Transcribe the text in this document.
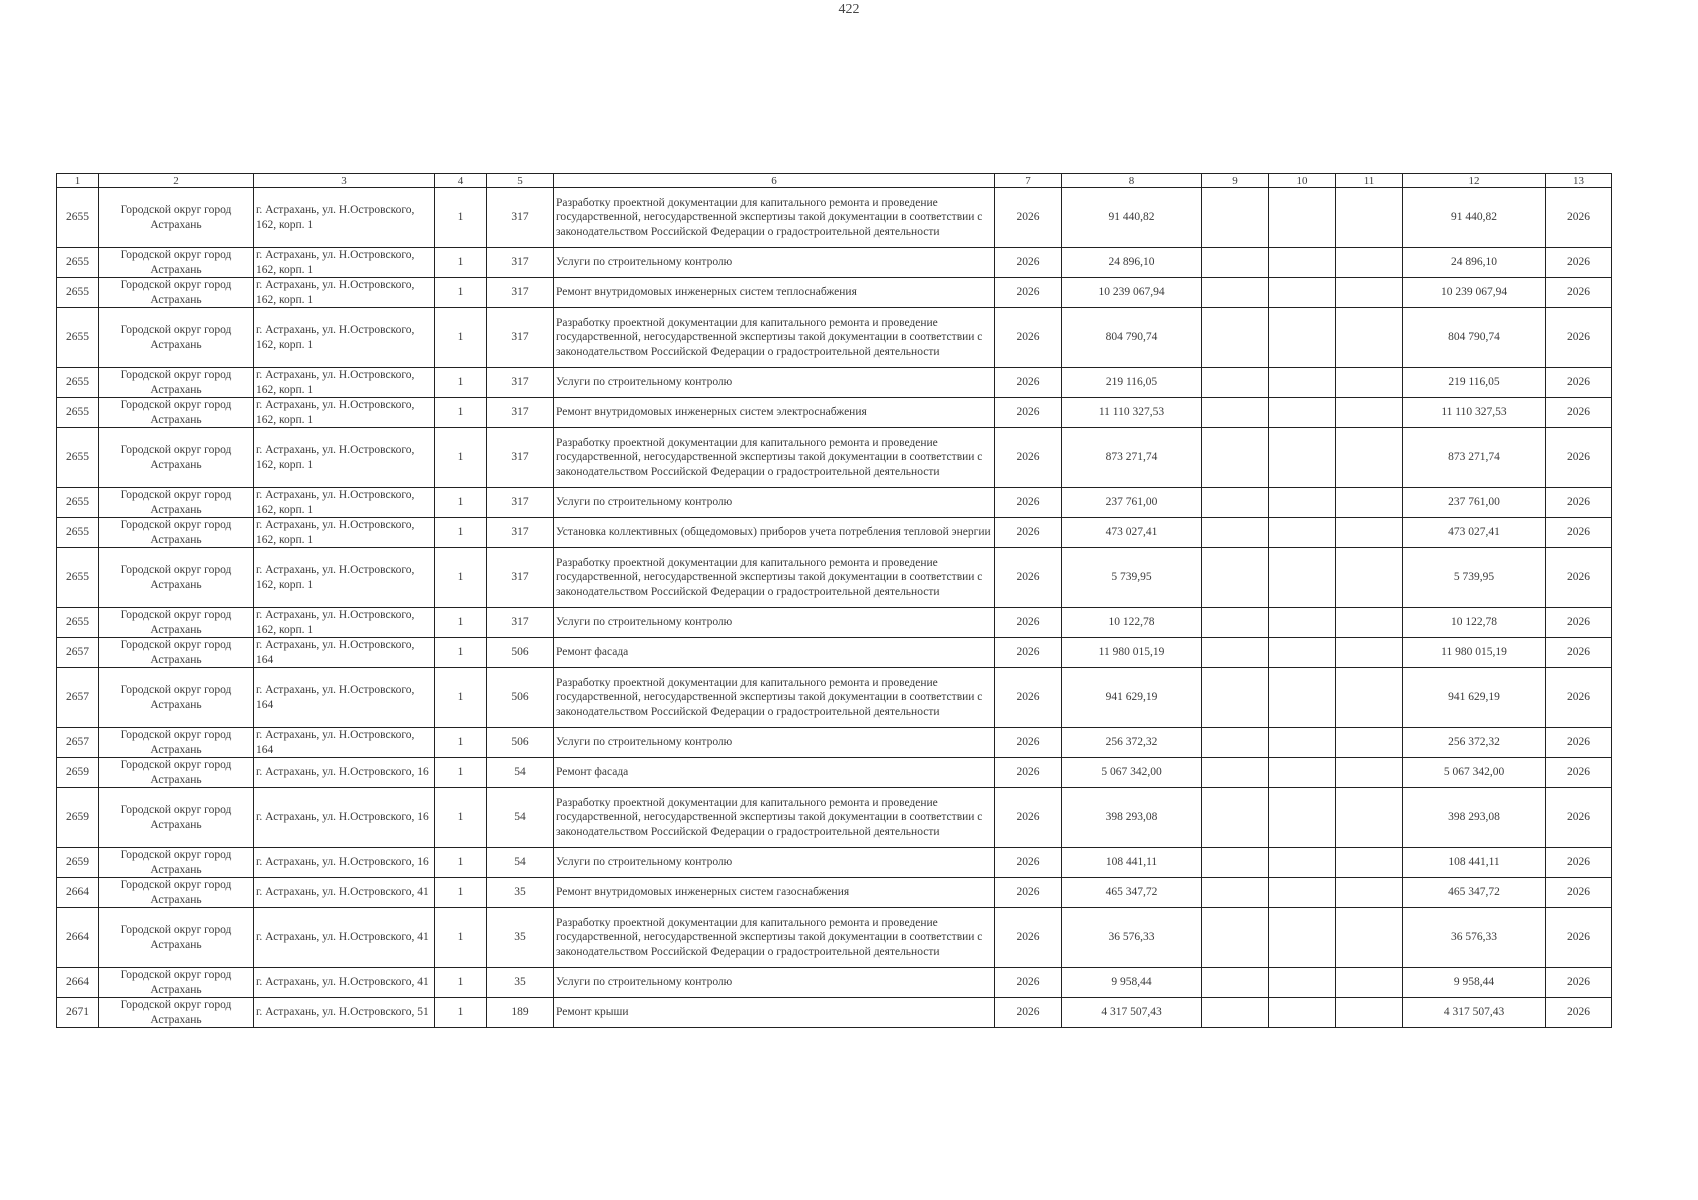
422
1	2	3	4	5	6	7	8	9	10	11	12	13
2655	Городской округ город Астрахань	г. Астрахань, ул. Н.Островского, 162, корп. 1	1	317	Разработку проектной документации для капитального ремонта и проведение государственной, негосударственной экспертизы такой документации в соответствии с законодательством Российской Федерации о градостроительной деятельности	2026	91 440,82				91 440,82	2026
2655	Городской округ город Астрахань	г. Астрахань, ул. Н.Островского, 162, корп. 1	1	317	Услуги по строительному контролю	2026	24 896,10				24 896,10	2026
2655	Городской округ город Астрахань	г. Астрахань, ул. Н.Островского, 162, корп. 1	1	317	Ремонт внутридомовых инженерных систем теплоснабжения	2026	10 239 067,94				10 239 067,94	2026
2655	Городской округ город Астрахань	г. Астрахань, ул. Н.Островского, 162, корп. 1	1	317	Разработку проектной документации для капитального ремонта и проведение государственной, негосударственной экспертизы такой документации в соответствии с законодательством Российской Федерации о градостроительной деятельности	2026	804 790,74				804 790,74	2026
2655	Городской округ город Астрахань	г. Астрахань, ул. Н.Островского, 162, корп. 1	1	317	Услуги по строительному контролю	2026	219 116,05				219 116,05	2026
2655	Городской округ город Астрахань	г. Астрахань, ул. Н.Островского, 162, корп. 1	1	317	Ремонт внутридомовых инженерных систем электроснабжения	2026	11 110 327,53				11 110 327,53	2026
2655	Городской округ город Астрахань	г. Астрахань, ул. Н.Островского, 162, корп. 1	1	317	Разработку проектной документации для капитального ремонта и проведение государственной, негосударственной экспертизы такой документации в соответствии с законодательством Российской Федерации о градостроительной деятельности	2026	873 271,74				873 271,74	2026
2655	Городской округ город Астрахань	г. Астрахань, ул. Н.Островского, 162, корп. 1	1	317	Услуги по строительному контролю	2026	237 761,00				237 761,00	2026
2655	Городской округ город Астрахань	г. Астрахань, ул. Н.Островского, 162, корп. 1	1	317	Установка коллективных (общедомовых) приборов учета потребления тепловой энергии	2026	473 027,41				473 027,41	2026
2655	Городской округ город Астрахань	г. Астрахань, ул. Н.Островского, 162, корп. 1	1	317	Разработку проектной документации для капитального ремонта и проведение государственной, негосударственной экспертизы такой документации в соответствии с законодательством Российской Федерации о градостроительной деятельности	2026	5 739,95				5 739,95	2026
2655	Городской округ город Астрахань	г. Астрахань, ул. Н.Островского, 162, корп. 1	1	317	Услуги по строительному контролю	2026	10 122,78				10 122,78	2026
2657	Городской округ город Астрахань	г. Астрахань, ул. Н.Островского, 164	1	506	Ремонт фасада	2026	11 980 015,19				11 980 015,19	2026
2657	Городской округ город Астрахань	г. Астрахань, ул. Н.Островского, 164	1	506	Разработку проектной документации для капитального ремонта и проведение государственной, негосударственной экспертизы такой документации в соответствии с законодательством Российской Федерации о градостроительной деятельности	2026	941 629,19				941 629,19	2026
2657	Городской округ город Астрахань	г. Астрахань, ул. Н.Островского, 164	1	506	Услуги по строительному контролю	2026	256 372,32				256 372,32	2026
2659	Городской округ город Астрахань	г. Астрахань, ул. Н.Островского, 16	1	54	Ремонт фасада	2026	5 067 342,00				5 067 342,00	2026
2659	Городской округ город Астрахань	г. Астрахань, ул. Н.Островского, 16	1	54	Разработку проектной документации для капитального ремонта и проведение государственной, негосударственной экспертизы такой документации в соответствии с законодательством Российской Федерации о градостроительной деятельности	2026	398 293,08				398 293,08	2026
2659	Городской округ город Астрахань	г. Астрахань, ул. Н.Островского, 16	1	54	Услуги по строительному контролю	2026	108 441,11				108 441,11	2026
2664	Городской округ город Астрахань	г. Астрахань, ул. Н.Островского, 41	1	35	Ремонт внутридомовых инженерных систем газоснабжения	2026	465 347,72				465 347,72	2026
2664	Городской округ город Астрахань	г. Астрахань, ул. Н.Островского, 41	1	35	Разработку проектной документации для капитального ремонта и проведение государственной, негосударственной экспертизы такой документации в соответствии с законодательством Российской Федерации о градостроительной деятельности	2026	36 576,33				36 576,33	2026
2664	Городской округ город Астрахань	г. Астрахань, ул. Н.Островского, 41	1	35	Услуги по строительному контролю	2026	9 958,44				9 958,44	2026
2671	Городской округ город Астрахань	г. Астрахань, ул. Н.Островского, 51	1	189	Ремонт крыши	2026	4 317 507,43				4 317 507,43	2026
